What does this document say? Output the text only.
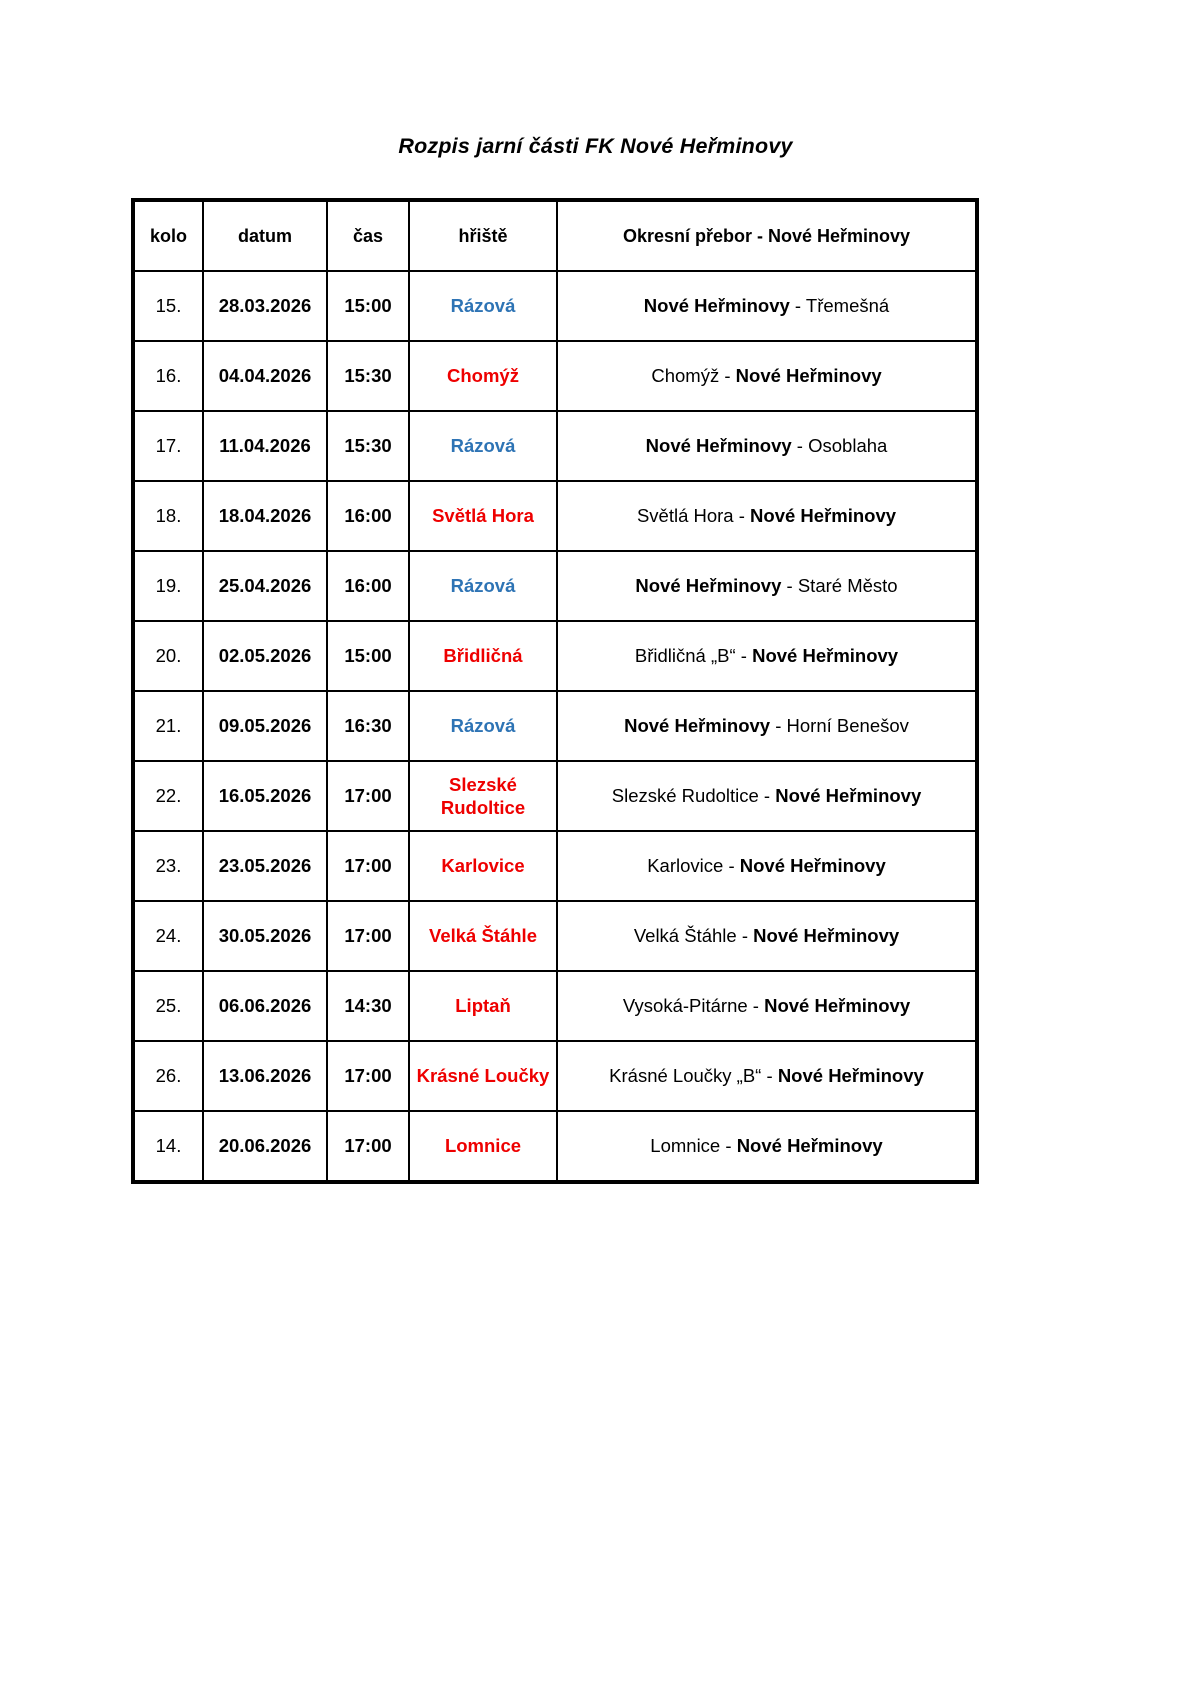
Rozpis jarní části FK Nové Heřminovy
kolo	datum	čas	hřiště	Okresní přebor - Nové Heřminovy
15.	28.03.2026	15:00	Rázová	Nové Heřminovy - Třemešná
16.	04.04.2026	15:30	Chomýž	Chomýž - Nové Heřminovy
17.	11.04.2026	15:30	Rázová	Nové Heřminovy - Osoblaha
18.	18.04.2026	16:00	Světlá Hora	Světlá Hora - Nové Heřminovy
19.	25.04.2026	16:00	Rázová	Nové Heřminovy - Staré Město
20.	02.05.2026	15:00	Břidličná	Břidličná „B“ - Nové Heřminovy
21.	09.05.2026	16:30	Rázová	Nové Heřminovy - Horní Benešov
22.	16.05.2026	17:00	Slezské Rudoltice	Slezské Rudoltice - Nové Heřminovy
23.	23.05.2026	17:00	Karlovice	Karlovice - Nové Heřminovy
24.	30.05.2026	17:00	Velká Štáhle	Velká Štáhle - Nové Heřminovy
25.	06.06.2026	14:30	Liptaň	Vysoká-Pitárne - Nové Heřminovy
26.	13.06.2026	17:00	Krásné Loučky	Krásné Loučky „B“ - Nové Heřminovy
14.	20.06.2026	17:00	Lomnice	Lomnice - Nové Heřminovy
